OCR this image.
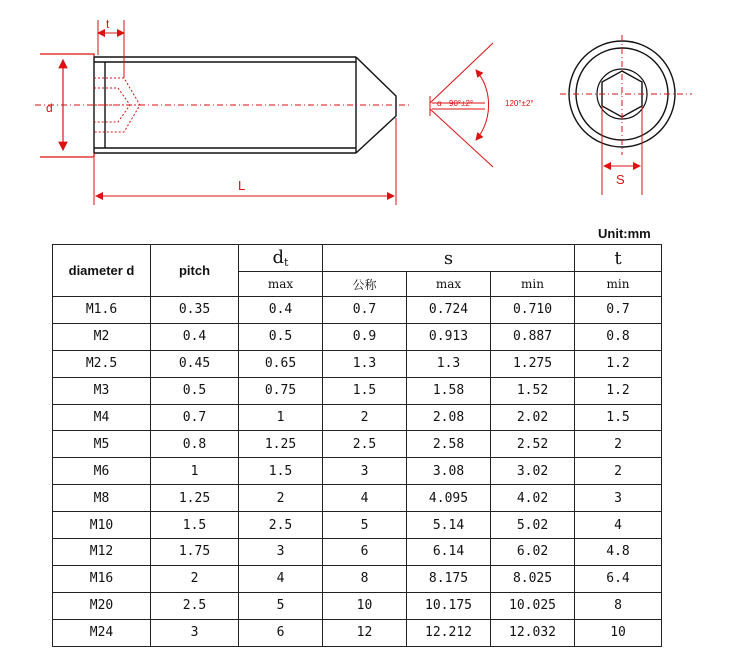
t
d
L
α 90°±2°	120°±2°
S
Unit:mm
diameter d	pitch	$d_t$	s			t
		max	公称	max	min	min
M1.6	0.35	0.4	0.7	0.724	0.710	0.7
M2	0.4	0.5	0.9	0.913	0.887	0.8
M2.5	0.45	0.65	1.3	1.3	1.275	1.2
M3	0.5	0.75	1.5	1.58	1.52	1.2
M4	0.7	1	2	2.08	2.02	1.5
M5	0.8	1.25	2.5	2.58	2.52	2
M6	1	1.5	3	3.08	3.02	2
M8	1.25	2	4	4.095	4.02	3
M10	1.5	2.5	5	5.14	5.02	4
M12	1.75	3	6	6.14	6.02	4.8
M16	2	4	8	8.175	8.025	6.4
M20	2.5	5	10	10.175	10.025	8
M24	3	6	12	12.212	12.032	10
